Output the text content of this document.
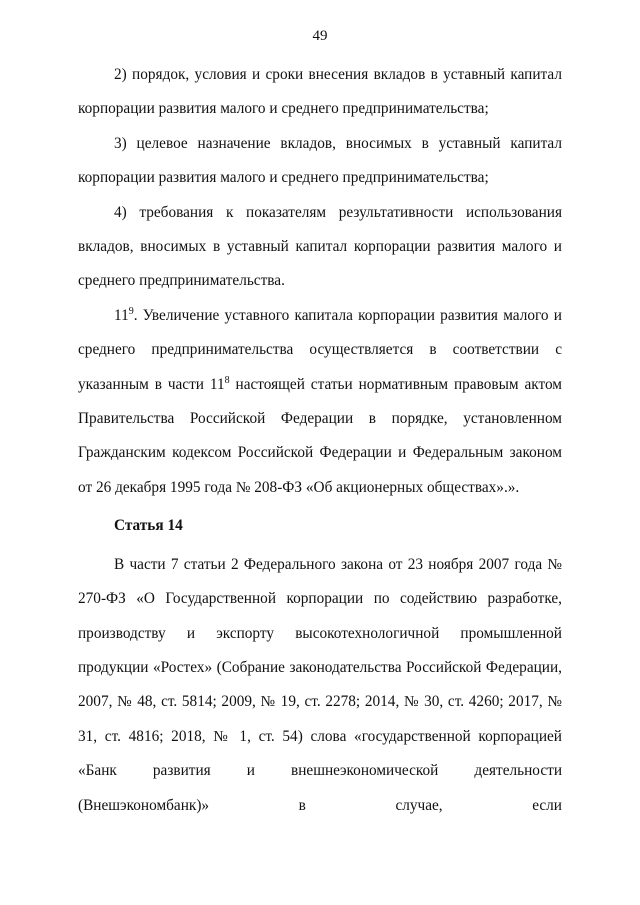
49

2) порядок, условия и сроки внесения вкладов в уставный капитал корпорации развития малого и среднего предпринимательства;

3) целевое назначение вкладов, вносимых в уставный капитал корпорации развития малого и среднего предпринимательства;

4) требования к показателям результативности использования вкладов, вносимых в уставный капитал корпорации развития малого и среднего предпринимательства.

$11^9$. Увеличение уставного капитала корпорации развития малого и среднего предпринимательства осуществляется в соответствии с указанным в части $11^8$ настоящей статьи нормативным правовым актом Правительства Российской Федерации в порядке, установленном Гражданским кодексом Российской Федерации и Федеральным законом от 26 декабря 1995 года № 208-ФЗ «Об акционерных обществах».».

Статья 14

В части 7 статьи 2 Федерального закона от 23 ноября 2007 года № 270-ФЗ «О Государственной корпорации по содействию разработке, производству и экспорту высокотехнологичной промышленной продукции «Ростех» (Собрание законодательства Российской Федерации, 2007, № 48, ст. 5814; 2009, № 19, ст. 2278; 2014, № 30, ст. 4260; 2017, № 31, ст. 4816; 2018, № 1, ст. 54) слова «государственной корпорацией «Банк развития и внешнеэкономической деятельности (Внешэкономбанк)» в случае, если
